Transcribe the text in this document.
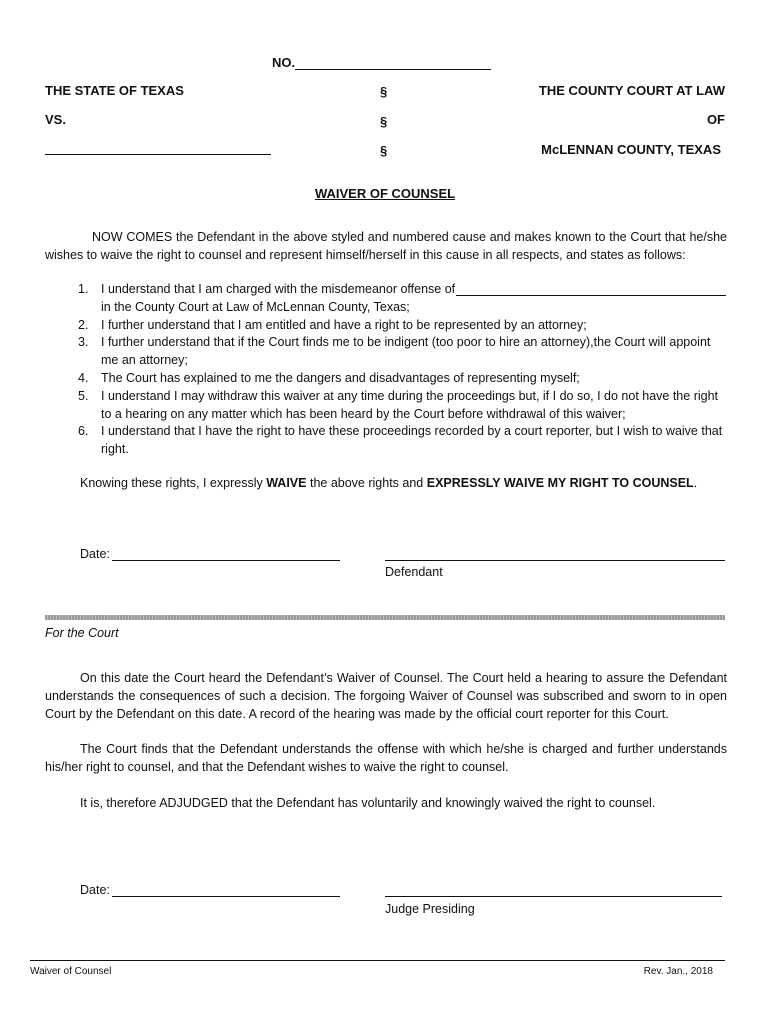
NO.
THE STATE OF TEXAS
VS.
§
§
§
THE COUNTY COURT AT LAW
OF
McLENNAN COUNTY, TEXAS
WAIVER OF COUNSEL
NOW COMES the Defendant in the above styled and numbered cause and makes known to the Court that he/she wishes to waive the right to counsel and represent himself/herself in this cause in all respects, and states as follows:
1. I understand that I am charged with the misdemeanor offense of

in the County Court at Law of McLennan County, Texas;
2. I further understand that I am entitled and have a right to be represented by an attorney;
3. I further understand that if the Court finds me to be indigent (too poor to hire an attorney),the Court will appoint me an attorney;
4. The Court has explained to me the dangers and disadvantages of representing myself;
5. I understand I may withdraw this waiver at any time during the proceedings but, if I do so, I do not have the right to a hearing on any matter which has been heard by the Court before withdrawal of this waiver;
6. I understand that I have the right to have these proceedings recorded by a court reporter, but I wish to waive that right.
Knowing these rights, I expressly WAIVE the above rights and EXPRESSLY WAIVE MY RIGHT TO COUNSEL.
Date:
Defendant
For the Court
On this date the Court heard the Defendant’s Waiver of Counsel. The Court held a hearing to assure the Defendant understands the consequences of such a decision. The forgoing Waiver of Counsel was subscribed and sworn to in open Court by the Defendant on this date. A record of the hearing was made by the official court reporter for this Court.
The Court finds that the Defendant understands the offense with which he/she is charged and further understands his/her right to counsel, and that the Defendant wishes to waive the right to counsel.
It is, therefore ADJUDGED that the Defendant has voluntarily and knowingly waived the right to counsel.
Date:
Judge Presiding
Waiver of Counsel	Rev. Jan., 2018
